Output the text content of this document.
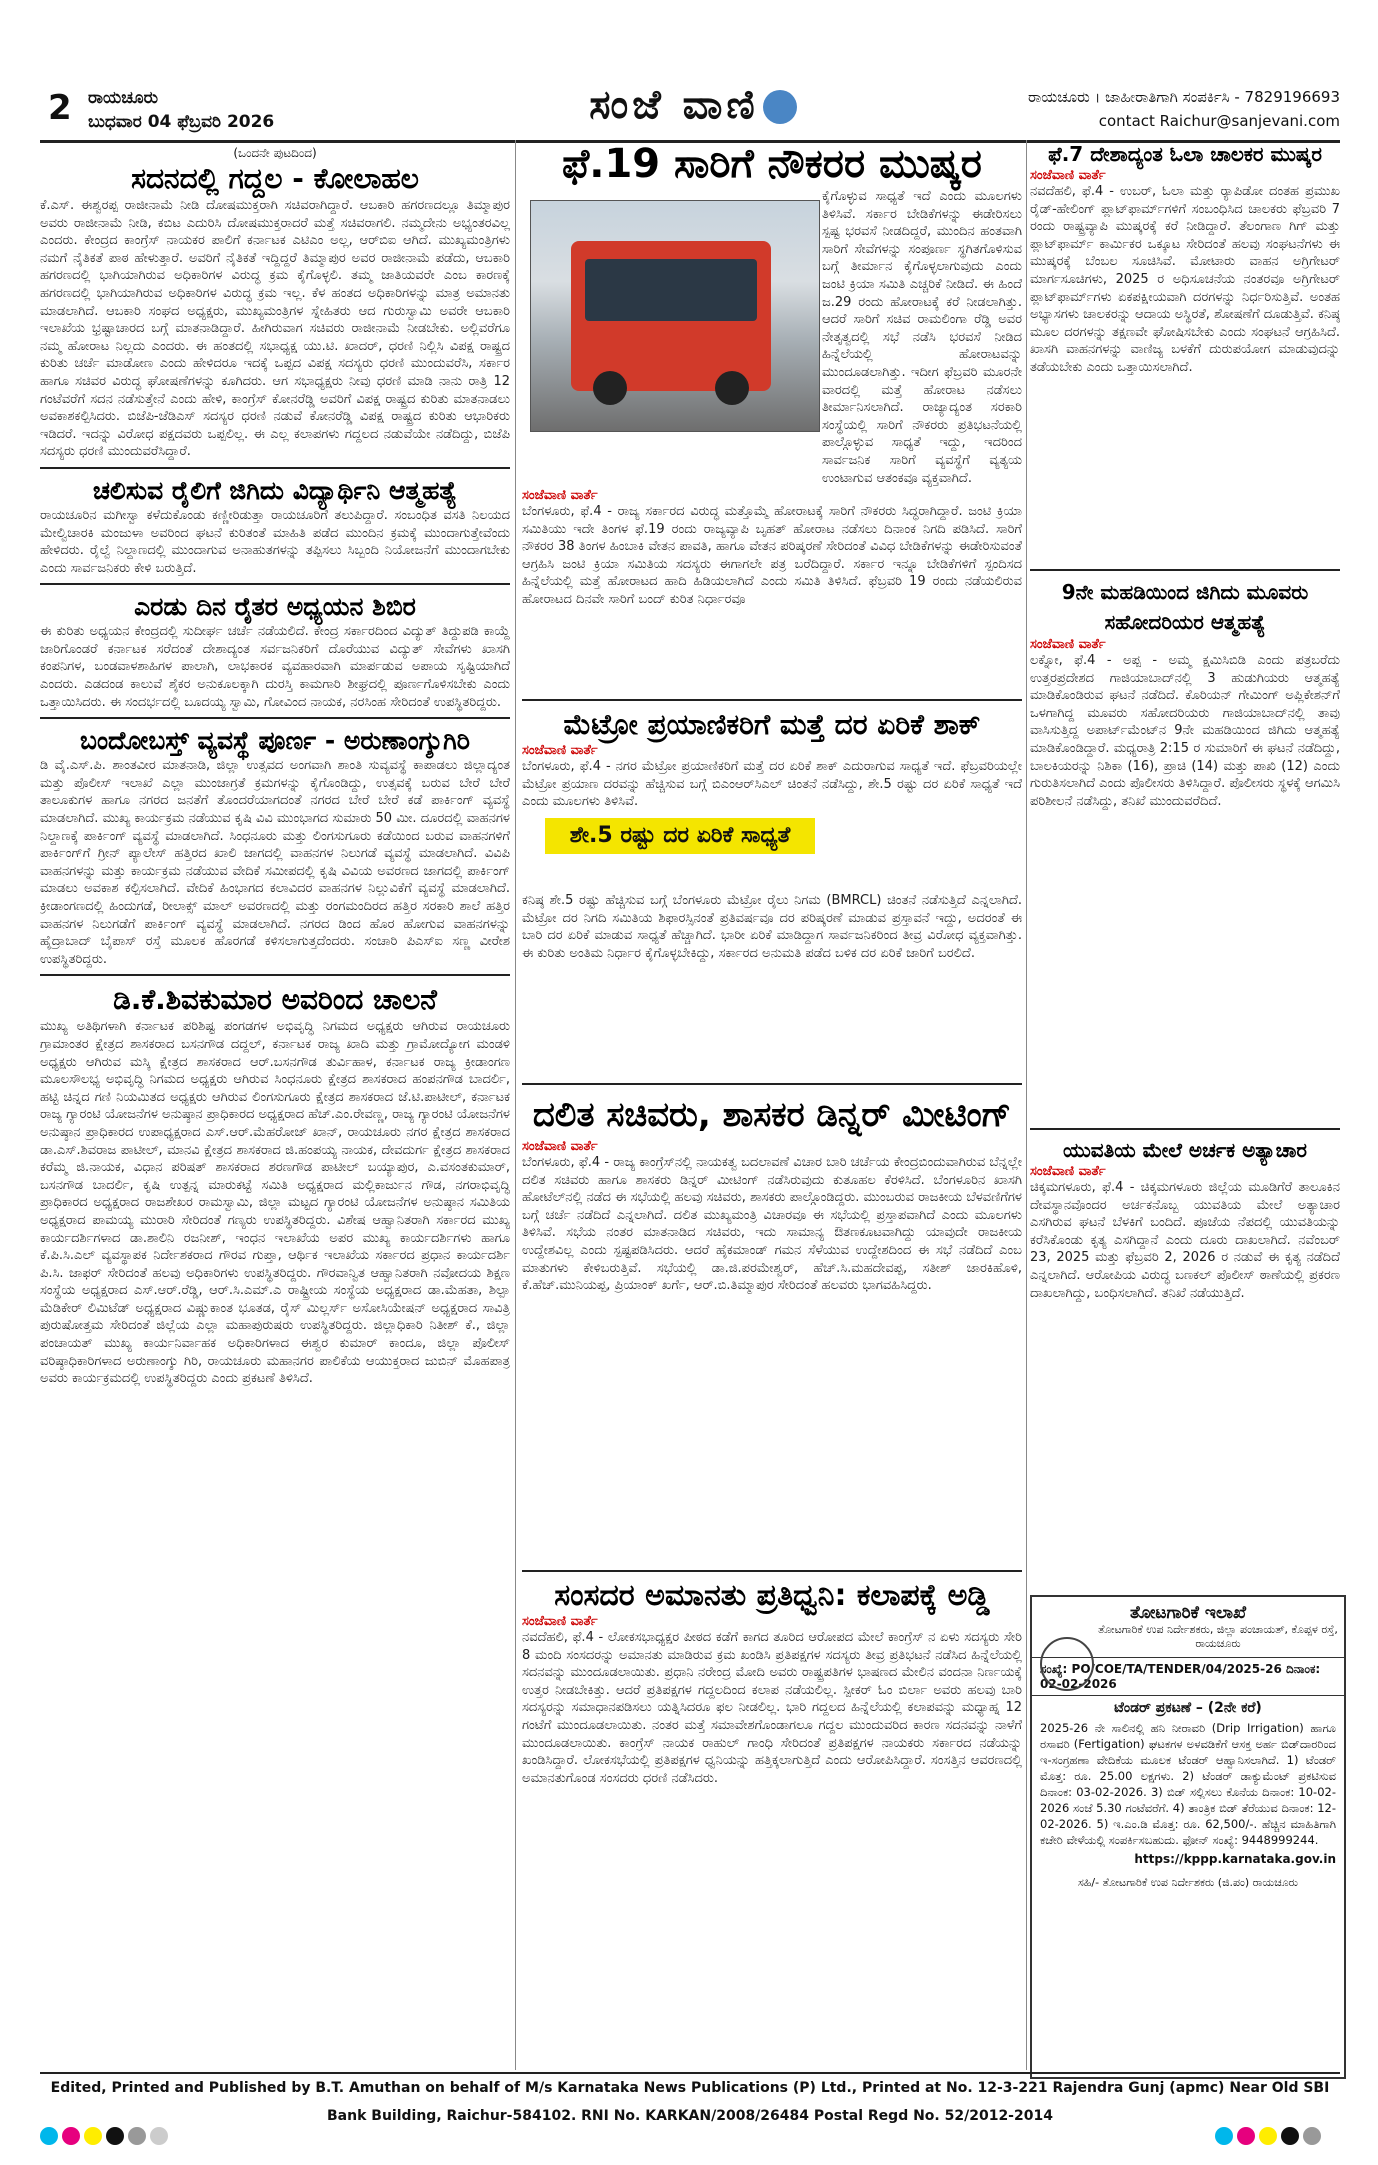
2 ರಾಯಚೂರು
ಬುಧವಾರ 04 ಫೆಬ್ರವರಿ 2026	ಸಂಜೆ ವಾಣಿ	ರಾಯಚೂರು । ಜಾಹೀರಾತಿಗಾಗಿ ಸಂಪರ್ಕಿಸಿ - 7829196693
contact Raichur@sanjevani.com
(ಒಂದನೇ ಪುಟದಿಂದ)
ಸದನದಲ್ಲಿ ಗದ್ದಲ - ಕೋಲಾಹಲ

ಕೆ.ಎಸ್. ಈಶ್ವರಪ್ಪ ರಾಜೀನಾಮೆ ನೀಡಿ ದೋಷಮುಕ್ತರಾಗಿ ಸಚಿವರಾಗಿದ್ದಾರೆ. ಆಬಕಾರಿ ಹಗರಣದಲ್ಲೂ ತಿಮ್ಮಾಪುರ ಅವರು ರಾಜೀನಾಮೆ ನೀಡಿ, ಕಬಿಟ ಎದುರಿಸಿ ದೋಷಮುಕ್ತರಾದರೆ ಮತ್ತೆ ಸಚಿವರಾಗಲಿ. ನಮ್ಮದೇನು ಅಭ್ಯಂತರವಿಲ್ಲ ಎಂದರು. ಕೇಂದ್ರದ ಕಾಂಗ್ರೆಸ್ ನಾಯಕರ ಪಾಲಿಗೆ ಕರ್ನಾಟಕ ಎಟಿಎಂ ಅಲ್ಲ, ಆರ್‌ಬಿಐ ಆಗಿದೆ. ಮುಖ್ಯಮಂತ್ರಿಗಳು ನಮಗೆ ನೈತಿಕತೆ ಪಾಠ ಹೇಳುತ್ತಾರೆ. ಅವರಿಗೆ ನೈತಿಕತೆ ಇದ್ದಿದ್ದರೆ ತಿಮ್ಮಾಪುರ ಅವರ ರಾಜೀನಾಮೆ ಪಡೆದು, ಆಬಕಾರಿ ಹಗರಣದಲ್ಲಿ ಭಾಗಿಯಾಗಿರುವ ಅಧಿಕಾರಿಗಳ ವಿರುದ್ಧ ಕ್ರಮ ಕೈಗೊಳ್ಳಲಿ. ತಮ್ಮ ಜಾತಿಯವರೇ ಎಂಬ ಕಾರಣಕ್ಕೆ ಹಗರಣದಲ್ಲಿ ಭಾಗಿಯಾಗಿರುವ ಅಧಿಕಾರಿಗಳ ವಿರುದ್ಧ ಕ್ರಮ ಇಲ್ಲ. ಕೆಳ ಹಂತದ ಅಧಿಕಾರಿಗಳನ್ನು ಮಾತ್ರ ಅಮಾನತು ಮಾಡಲಾಗಿದೆ. ಆಬಕಾರಿ ಸಂಘದ ಅಧ್ಯಕ್ಷರು, ಮುಖ್ಯಮಂತ್ರಿಗಳ ಸ್ನೇಹಿತರು ಆದ ಗುರುಸ್ವಾಮಿ ಅವರೇ ಆಬಕಾರಿ ಇಲಾಖೆಯ ಭ್ರಷ್ಟಾಚಾರದ ಬಗ್ಗೆ ಮಾತನಾಡಿದ್ದಾರೆ. ಹೀಗಿರುವಾಗ ಸಚಿವರು ರಾಜೀನಾಮೆ ನೀಡಬೇಕು. ಅಲ್ಲಿವರೆಗೂ ನಮ್ಮ ಹೋರಾಟ ನಿಲ್ಲದು ಎಂದರು. ಈ ಹಂತದಲ್ಲಿ ಸಭಾಧ್ಯಕ್ಷ ಯು.ಟಿ. ಖಾದರ್, ಧರಣಿ ನಿಲ್ಲಿಸಿ ವಿಪಕ್ಷ ರಾಷ್ಟ್ರದ ಕುರಿತು ಚರ್ಚೆ ಮಾಡೋಣ ಎಂದು ಹೇಳಿದರೂ ಇದಕ್ಕೆ ಒಪ್ಪದ ವಿಪಕ್ಷ ಸದಸ್ಯರು ಧರಣಿ ಮುಂದುವರೆಸಿ, ಸರ್ಕಾರ ಹಾಗೂ ಸಚಿವರ ವಿರುದ್ಧ ಘೋಷಣೆಗಳನ್ನು ಕೂಗಿದರು. ಆಗ ಸಭಾಧ್ಯಕ್ಷರು ನೀವು ಧರಣಿ ಮಾಡಿ ನಾನು ರಾತ್ರಿ 12 ಗಂಟೆವರೆಗೆ ಸದನ ನಡೆಸುತ್ತೇನೆ ಎಂದು ಹೇಳಿ, ಕಾಂಗ್ರೆಸ್ ಕೋನರೆಡ್ಡಿ ಅವರಿಗೆ ವಿಪಕ್ಷ ರಾಷ್ಟ್ರದ ಕುರಿತು ಮಾತನಾಡಲು ಅವಕಾಶಕಲ್ಪಿಸಿದರು. ಬಿಜೆಪಿ-ಜೆಡಿಎಸ್ ಸದಸ್ಯರ ಧರಣಿ ನಡುವೆ ಕೋನರೆಡ್ಡಿ ವಿಪಕ್ಷ ರಾಷ್ಟ್ರದ ಕುರಿತು ಆಭಾರಿಕರು ಇಡಿದರೆ. ಇದನ್ನು ವಿರೋಧ ಪಕ್ಷದವರು ಒಪ್ಪಲಿಲ್ಲ. ಈ ಎಲ್ಲ ಕಲಾಪಗಳು ಗದ್ದಲದ ನಡುವೆಯೇ ನಡೆದಿದ್ದು, ಬಿಜೆಪಿ ಸದಸ್ಯರು ಧರಣಿ ಮುಂದುವರೆಸಿದ್ದಾರೆ.

ಚಲಿಸುವ ರೈಲಿಗೆ ಜಿಗಿದು ವಿದ್ಯಾರ್ಥಿನಿ ಆತ್ಮಹತ್ಯೆ

ರಾಯಚೂರಿನ ಮಗೀಸ್ವಾ ಕಳೆದುಕೊಂಡು ಕಣ್ಣೀರಿಡುತ್ತಾ ರಾಯಚೂರಿಗೆ ತಲುಪಿದ್ದಾರೆ. ಸಂಬಂಧಿತ ವಸತಿ ನಿಲಯದ ಮೇಲ್ವಿಚಾರಕಿ ಮಂಜುಳಾ ಅವರಿಂದ ಘಟನೆ ಕುರಿತಂತೆ ಮಾಹಿತಿ ಪಡೆದ ಮುಂದಿನ ಕ್ರಮಕ್ಕೆ ಮುಂದಾಗುತ್ತೇವೆಂದು ಹೇಳಿದರು. ರೈಲ್ವೆ ನಿಲ್ದಾಣದಲ್ಲಿ ಮುಂದಾಗುವ ಅನಾಹುತಗಳನ್ನು ತಪ್ಪಿಸಲು ಸಿಬ್ಬಂದಿ ನಿಯೋಜನೆಗೆ ಮುಂದಾಗಬೇಕು ಎಂದು ಸಾರ್ವಜನಿಕರು ಕೇಳಿ ಬರುತ್ತಿದೆ.

ಎರಡು ದಿನ ರೈತರ ಅಧ್ಯಯನ ಶಿಬಿರ

ಈ ಕುರಿತು ಅಧ್ಯಯನ ಕೇಂದ್ರದಲ್ಲಿ ಸುದೀರ್ಘ ಚರ್ಚೆ ನಡೆಯಲಿದೆ. ಕೇಂದ್ರ ಸರ್ಕಾರದಿಂದ ವಿದ್ಯುತ್ ತಿದ್ದುಪಡಿ ಕಾಯ್ದೆ ಜಾರಿಗೊಂಡರೆ ಕರ್ನಾಟಕ ಸರೆದಂತೆ ದೇಶಾದ್ಯಂತ ಸರ್ವಜನಿಕರಿಗೆ ದೊರೆಯುವ ವಿದ್ಯುತ್ ಸೇವೆಗಳು ಖಾಸಗಿ ಕಂಪನಿಗಳ, ಬಂಡವಾಳಶಾಹಿಗಳ ಪಾಲಾಗಿ, ಲಾಭಕಾರಕ ವ್ಯವಹಾರವಾಗಿ ಮಾರ್ಪಡುವ ಅಪಾಯ ಸೃಷ್ಟಿಯಾಗಿದೆ ಎಂದರು. ಎಡದಂಡ ಕಾಲುವೆ ಶೈಕರ ಅನುಕೂಲಕ್ಕಾಗಿ ದುರಸ್ತಿ ಕಾಮಗಾರಿ ಶೀಘ್ರದಲ್ಲಿ ಪೂರ್ಣಗೊಳಿಸಬೇಕು ಎಂದು ಒತ್ತಾಯಿಸಿದರು. ಈ ಸಂದರ್ಭದಲ್ಲಿ ಬೂದಯ್ಯ ಸ್ವಾಮಿ, ಗೋವಿಂದ ನಾಯಕ, ನರಸಿಂಹ ಸೇರಿದಂತೆ ಉಪಸ್ಥಿತರಿದ್ದರು.

ಬಂದೋಬಸ್ತ್ ವ್ಯವಸ್ಥೆ ಪೂರ್ಣ - ಅರುಣಾಂಗ್ಶುಗಿರಿ

ಡಿ ವೈ.ಎಸ್.ಪಿ. ಶಾಂತವೀರ ಮಾತನಾಡಿ, ಜಿಲ್ಲಾ ಉತ್ಸವದ ಅಂಗವಾಗಿ ಶಾಂತಿ ಸುವ್ಯವಸ್ಥೆ ಕಾಪಾಡಲು ಜಿಲ್ಲಾದ್ಯಂತ ಮತ್ತು ಪೊಲೀಸ್ ಇಲಾಖೆ ಎಲ್ಲಾ ಮುಂಜಾಗ್ರತೆ ಕ್ರಮಗಳನ್ನು ಕೈಗೊಂಡಿದ್ದು, ಉತ್ಸವಕ್ಕೆ ಬರುವ ಬೇರೆ ಬೇರೆ ತಾಲೂಕುಗಳ ಹಾಗೂ ನಗರದ ಜನತೆಗೆ ತೊಂದರೆಯಾಗದಂತೆ ನಗರದ ಬೇರೆ ಬೇರೆ ಕಡೆ ಪಾರ್ಕಿಂಗ್ ವ್ಯವಸ್ಥೆ ಮಾಡಲಾಗಿದೆ. ಮುಖ್ಯ ಕಾರ್ಯಕ್ರಮ ನಡೆಯುವ ಕೃಷಿ ವಿವಿ ಮುಂಭಾಗದ ಸುಮಾರು 50 ಮೀ. ದೂರದಲ್ಲಿ ವಾಹನಗಳ ನಿಲ್ದಾಣಕ್ಕೆ ಪಾರ್ಕಿಂಗ್ ವ್ಯವಸ್ಥೆ ಮಾಡಲಾಗಿದೆ. ಸಿಂಧನೂರು ಮತ್ತು ಲಿಂಗಸುಗೂರು ಕಡೆಯಿಂದ ಬರುವ ವಾಹನಗಳಿಗೆ ಪಾರ್ಕಿಂಗ್‌ಗೆ ಗ್ರೀನ್ ಪ್ಯಾಲೇಸ್ ಹತ್ತಿರದ ಖಾಲಿ ಜಾಗದಲ್ಲಿ ವಾಹನಗಳ ನಿಲುಗಡೆ ವ್ಯವಸ್ಥೆ ಮಾಡಲಾಗಿದೆ. ವಿವಿಪಿ ವಾಹನಗಳನ್ನು ಮತ್ತು ಕಾರ್ಯಕ್ರಮ ನಡೆಯುವ ವೇದಿಕೆ ಸಮೀಪದಲ್ಲಿ ಕೃಷಿ ವಿವಿಯ ಅವರಣದ ಜಾಗದಲ್ಲಿ ಪಾರ್ಕಿಂಗ್ ಮಾಡಲು ಅವಕಾಶ ಕಲ್ಪಿಸಲಾಗಿದೆ. ವೇದಿಕೆ ಹಿಂಭಾಗದ ಕಲಾವಿದರ ವಾಹನಗಳ ನಿಲ್ಲುವಿಕೆಗೆ ವ್ಯವಸ್ಥೆ ಮಾಡಲಾಗಿದೆ. ಕ್ರೀಡಾಂಗಣದಲ್ಲಿ ಹಿಂದುಗಡೆ, ರೀಲಾಕ್ಸ್ ಮಾಲ್ ಅವರಣದಲ್ಲಿ ಮತ್ತು ರಂಗಮಂದಿರದ ಹತ್ತಿರ ಸರಕಾರಿ ಶಾಲೆ ಹತ್ತಿರ ವಾಹನಗಳ ನಿಲುಗಡೆಗೆ ಪಾರ್ಕಿಂಗ್ ವ್ಯವಸ್ಥೆ ಮಾಡಲಾಗಿದೆ. ನಗರದ ಡಿಂದ ಹೊರ ಹೋಗುವ ವಾಹನಗಳನ್ನು ಹೈದ್ರಾಬಾದ್ ಬೈಪಾಸ್ ರಸ್ತೆ ಮೂಲಕ ಹೊರಗಡೆ ಕಳಿಸಲಾಗುತ್ತದೆಂದರು. ಸಂಚಾರಿ ಪಿಎಸ್‌ಐ ಸಣ್ಣ ವೀರೇಶ ಉಪಸ್ಥಿತರಿದ್ದರು.

ಡಿ.ಕೆ.ಶಿವಕುಮಾರ ಅವರಿಂದ ಚಾಲನೆ

ಮುಖ್ಯ ಅತಿಥಿಗಳಾಗಿ ಕರ್ನಾಟಕ ಪರಿಶಿಷ್ಟ ಪಂಗಡಗಳ ಅಭಿವೃದ್ಧಿ ನಿಗಮದ ಅಧ್ಯಕ್ಷರು ಆಗಿರುವ ರಾಯಚೂರು ಗ್ರಾಮಾಂತರ ಕ್ಷೇತ್ರದ ಶಾಸಕರಾದ ಬಸನಗೌಡ ದದ್ದಲ್, ಕರ್ನಾಟಕ ರಾಜ್ಯ ಖಾದಿ ಮತ್ತು ಗ್ರಾಮೋದ್ಯೋಗ ಮಂಡಳಿ ಅಧ್ಯಕ್ಷರು ಆಗಿರುವ ಮಸ್ಕಿ ಕ್ಷೇತ್ರದ ಶಾಸಕರಾದ ಆರ್.ಬಸನಗೌಡ ತುರ್ವಿಹಾಳ, ಕರ್ನಾಟಕ ರಾಜ್ಯ ಕ್ರೀಡಾಂಗಣ ಮೂಲಸೌಲಭ್ಯ ಅಭಿವೃದ್ಧಿ ನಿಗಮದ ಅಧ್ಯಕ್ಷರು ಆಗಿರುವ ಸಿಂಧನೂರು ಕ್ಷೇತ್ರದ ಶಾಸಕರಾದ ಹಂಪನಗೌಡ ಬಾದರ್ಲಿ, ಹಟ್ಟಿ ಚಿನ್ನದ ಗಣಿ ನಿಯಮಿತದ ಅಧ್ಯಕ್ಷರು ಆಗಿರುವ ಲಿಂಗಸುಗೂರು ಕ್ಷೇತ್ರದ ಶಾಸಕರಾದ ಜೆ.ಟಿ.ಪಾಟೀಲ್, ಕರ್ನಾಟಕ ರಾಜ್ಯ ಗ್ಯಾರಂಟಿ ಯೋಜನೆಗಳ ಅನುಷ್ಠಾನ ಪ್ರಾಧಿಕಾರದ ಅಧ್ಯಕ್ಷರಾದ ಹೆಚ್.ಎಂ.ರೇವಣ್ಣ, ರಾಜ್ಯ ಗ್ಯಾರಂಟಿ ಯೋಜನೆಗಳ ಅನುಷ್ಠಾನ ಪ್ರಾಧಿಕಾರದ ಉಪಾಧ್ಯಕ್ಷರಾದ ಎಸ್.ಆರ್.ಮೆಹರೋಜ್ ಖಾನ್, ರಾಯಚೂರು ನಗರ ಕ್ಷೇತ್ರದ ಶಾಸಕರಾದ ಡಾ.ಎಸ್.ಶಿವರಾಜ ಪಾಟೀಲ್, ಮಾನವಿ ಕ್ಷೇತ್ರದ ಶಾಸಕರಾದ ಜಿ.ಹಂಪಯ್ಯ ನಾಯಕ, ದೇವದುರ್ಗ ಕ್ಷೇತ್ರದ ಶಾಸಕರಾದ ಕರೆಮ್ಮ ಜಿ.ನಾಯಕ, ವಿಧಾನ ಪರಿಷತ್ ಶಾಸಕರಾದ ಶರಣಗೌಡ ಪಾಟೀಲ್ ಬಯ್ಯಾಪುರ, ಎ.ವಸಂತಕುಮಾರ್, ಬಸನಗೌಡ ಬಾದರ್ಲಿ, ಕೃಷಿ ಉತ್ಪನ್ನ ಮಾರುಕಟ್ಟೆ ಸಮಿತಿ ಅಧ್ಯಕ್ಷರಾದ ಮಲ್ಲಿಕಾರ್ಜುನ ಗೌಡ, ನಗರಾಭಿವೃದ್ಧಿ ಪ್ರಾಧಿಕಾರದ ಅಧ್ಯಕ್ಷರಾದ ರಾಜಶೇಖರ ರಾಮಸ್ವಾಮಿ, ಜಿಲ್ಲಾ ಮಟ್ಟದ ಗ್ಯಾರಂಟಿ ಯೋಜನೆಗಳ ಅನುಷ್ಠಾನ ಸಮಿತಿಯ ಅಧ್ಯಕ್ಷರಾದ ಪಾಮಯ್ಯ ಮುರಾರಿ ಸೇರಿದಂತೆ ಗಣ್ಯರು ಉಪಸ್ಥಿತರಿದ್ದರು. ವಿಶೇಷ ಆಹ್ವಾನಿತರಾಗಿ ಸರ್ಕಾರದ ಮುಖ್ಯ ಕಾರ್ಯದರ್ಶಿಗಳಾದ ಡಾ.ಶಾಲಿನಿ ರಜನೀಶ್, ಇಂಧನ ಇಲಾಖೆಯ ಅಪರ ಮುಖ್ಯ ಕಾರ್ಯದರ್ಶಿಗಳು ಹಾಗೂ ಕೆ.ಪಿ.ಸಿ.ಎಲ್ ವ್ಯವಸ್ಥಾಪಕ ನಿರ್ದೇಶಕರಾದ ಗೌರವ ಗುಪ್ತಾ, ಆರ್ಥಿಕ ಇಲಾಖೆಯ ಸರ್ಕಾರದ ಪ್ರಧಾನ ಕಾರ್ಯದರ್ಶಿ ಪಿ.ಸಿ. ಜಾಫರ್ ಸೇರಿದಂತೆ ಹಲವು ಅಧಿಕಾರಿಗಳು ಉಪಸ್ಥಿತರಿದ್ದರು. ಗೌರವಾನ್ವಿತ ಆಹ್ವಾನಿತರಾಗಿ ನವೋದಯ ಶಿಕ್ಷಣ ಸಂಸ್ಥೆಯ ಅಧ್ಯಕ್ಷರಾದ ಎಸ್.ಆರ್.ರೆಡ್ಡಿ, ಆರ್.ಸಿ.ಎಮ್.ಎ ರಾಷ್ಟ್ರೀಯ ಸಂಸ್ಥೆಯ ಅಧ್ಯಕ್ಷರಾದ ಡಾ.ಮೆಹತಾ, ಶಿಲ್ಪಾ ಮೆಡಿಕೇರ್ ಲಿಮಿಟೆಡ್ ಅಧ್ಯಕ್ಷರಾದ ವಿಷ್ಣುಕಾಂತ ಭೂತಡ, ರೈಸ್ ಮಿಲ್ಲರ್ಸ್ ಅಸೋಸಿಯೇಷನ್ ಅಧ್ಯಕ್ಷರಾದ ಸಾವಿತ್ರಿ ಪುರುಷೋತ್ತಮ ಸೇರಿದಂತೆ ಜಿಲ್ಲೆಯ ಎಲ್ಲಾ ಮಹಾಪುರುಷರು ಉಪಸ್ಥಿತರಿದ್ದರು. ಜಿಲ್ಲಾಧಿಕಾರಿ ನಿತೀಶ್ ಕೆ., ಜಿಲ್ಲಾ ಪಂಚಾಯತ್ ಮುಖ್ಯ ಕಾರ್ಯನಿರ್ವಾಹಕ ಅಧಿಕಾರಿಗಳಾದ ಈಶ್ವರ ಕುಮಾರ್ ಕಾಂದೂ, ಜಿಲ್ಲಾ ಪೊಲೀಸ್ ವರಿಷ್ಠಾಧಿಕಾರಿಗಳಾದ ಅರುಣಾಂಗ್ಶು ಗಿರಿ, ರಾಯಚೂರು ಮಹಾನಗರ ಪಾಲಿಕೆಯ ಆಯುಕ್ತರಾದ ಜುಬಿನ್ ಮೊಹಪಾತ್ರ ಅವರು ಕಾರ್ಯಕ್ರಮದಲ್ಲಿ ಉಪಸ್ಥಿತರಿದ್ದರು ಎಂದು ಪ್ರಕಟಣೆ ತಿಳಿಸಿದೆ.

ಫೆ.19 ಸಾರಿಗೆ ನೌಕರರ ಮುಷ್ಕರ

ಕೈಗೊಳ್ಳುವ ಸಾಧ್ಯತೆ ಇದೆ ಎಂದು ಮೂಲಗಳು ತಿಳಿಸಿವೆ. ಸರ್ಕಾರ ಬೇಡಿಕೆಗಳನ್ನು ಈಡೇರಿಸಲು ಸ್ಪಷ್ಟ ಭರವಸೆ ನೀಡದಿದ್ದರೆ, ಮುಂದಿನ ಹಂತವಾಗಿ ಸಾರಿಗೆ ಸೇವೆಗಳನ್ನು ಸಂಪೂರ್ಣ ಸ್ಥಗಿತಗೊಳಿಸುವ ಬಗ್ಗೆ ತೀರ್ಮಾನ ಕೈಗೊಳ್ಳಲಾಗುವುದು ಎಂದು ಜಂಟಿ ಕ್ರಿಯಾ ಸಮಿತಿ ಎಚ್ಚರಿಕೆ ನೀಡಿದೆ. ಈ ಹಿಂದೆ ಜ.29 ರಂದು ಹೋರಾಟಕ್ಕೆ ಕರೆ ನೀಡಲಾಗಿತ್ತು. ಆದರೆ ಸಾರಿಗೆ ಸಚಿವ ರಾಮಲಿಂಗಾ ರೆಡ್ಡಿ ಅವರ ನೇತೃತ್ವದಲ್ಲಿ ಸಭೆ ನಡೆಸಿ ಭರವಸೆ ನೀಡಿದ ಹಿನ್ನೆಲೆಯಲ್ಲಿ ಹೋರಾಟವನ್ನು ಮುಂದೂಡಲಾಗಿತ್ತು. ಇದೀಗ ಫೆಬ್ರವರಿ ಮೂರನೇ ವಾರದಲ್ಲಿ ಮತ್ತೆ ಹೋರಾಟ ನಡೆಸಲು ತೀರ್ಮಾನಿಸಲಾಗಿದೆ. ರಾಜ್ಯಾದ್ಯಂತ ಸರಕಾರಿ ಸಂಸ್ಥೆಯಲ್ಲಿ ಸಾರಿಗೆ ನೌಕರರು ಪ್ರತಿಭಟನೆಯಲ್ಲಿ ಪಾಲ್ಗೊಳ್ಳುವ ಸಾಧ್ಯತೆ ಇದ್ದು, ಇದರಿಂದ ಸಾರ್ವಜನಿಕ ಸಾರಿಗೆ ವ್ಯವಸ್ಥೆಗೆ ವ್ಯತ್ಯಯ ಉಂಟಾಗುವ ಆತಂಕವೂ ವ್ಯಕ್ತವಾಗಿದೆ.

ಸಂಜೆವಾಣಿ ವಾರ್ತೆ

ಬೆಂಗಳೂರು, ಫೆ.4 - ರಾಜ್ಯ ಸರ್ಕಾರದ ವಿರುದ್ಧ ಮತ್ತೊಮ್ಮೆ ಹೋರಾಟಕ್ಕೆ ಸಾರಿಗೆ ನೌಕರರು ಸಿದ್ಧರಾಗಿದ್ದಾರೆ. ಜಂಟಿ ಕ್ರಿಯಾ ಸಮಿತಿಯು ಇದೇ ತಿಂಗಳ ಫೆ.19 ರಂದು ರಾಜ್ಯವ್ಯಾಪಿ ಬೃಹತ್ ಹೋರಾಟ ನಡೆಸಲು ದಿನಾಂಕ ನಿಗದಿ ಪಡಿಸಿದೆ. ಸಾರಿಗೆ ನೌಕರರ 38 ತಿಂಗಳ ಹಿಂಬಾಕಿ ವೇತನ ಪಾವತಿ, ಹಾಗೂ ವೇತನ ಪರಿಷ್ಕರಣೆ ಸೇರಿದಂತೆ ವಿವಿಧ ಬೇಡಿಕೆಗಳನ್ನು ಈಡೇರಿಸುವಂತೆ ಆಗ್ರಹಿಸಿ ಜಂಟಿ ಕ್ರಿಯಾ ಸಮಿತಿಯ ಸದಸ್ಯರು ಈಗಾಗಲೇ ಪತ್ರ ಬರೆದಿದ್ದಾರೆ. ಸರ್ಕಾರ ಇನ್ನೂ ಬೇಡಿಕೆಗಳಿಗೆ ಸ್ಪಂದಿಸದ ಹಿನ್ನೆಲೆಯಲ್ಲಿ ಮತ್ತೆ ಹೋರಾಟದ ಹಾದಿ ಹಿಡಿಯಲಾಗಿದೆ ಎಂದು ಸಮಿತಿ ತಿಳಿಸಿದೆ. ಫೆಬ್ರವರಿ 19 ರಂದು ನಡೆಯಲಿರುವ ಹೋರಾಟದ ದಿನವೇ ಸಾರಿಗೆ ಬಂದ್ ಕುರಿತ ನಿರ್ಧಾರವೂ

ಮೆಟ್ರೋ ಪ್ರಯಾಣಿಕರಿಗೆ ಮತ್ತೆ ದರ ಏರಿಕೆ ಶಾಕ್
ಸಂಜೆವಾಣಿ ವಾರ್ತೆ

ಬೆಂಗಳೂರು, ಫೆ.4 - ನಗರ ಮೆಟ್ರೋ ಪ್ರಯಾಣಿಕರಿಗೆ ಮತ್ತೆ ದರ ಏರಿಕೆ ಶಾಕ್ ಎದುರಾಗುವ ಸಾಧ್ಯತೆ ಇದೆ. ಫೆಬ್ರವರಿಯಲ್ಲೇ ಮೆಟ್ರೋ ಪ್ರಯಾಣ ದರವನ್ನು ಹೆಚ್ಚಿಸುವ ಬಗ್ಗೆ ಬಿಎಂಆರ್‌ಸಿಎಲ್ ಚಿಂತನೆ ನಡೆಸಿದ್ದು, ಶೇ.5 ರಷ್ಟು ದರ ಏರಿಕೆ ಸಾಧ್ಯತೆ ಇದೆ ಎಂದು ಮೂಲಗಳು ತಿಳಿಸಿವೆ.

ಕನಿಷ್ಠ ಶೇ.5 ರಷ್ಟು ಹೆಚ್ಚಿಸುವ ಬಗ್ಗೆ ಬೆಂಗಳೂರು ಮೆಟ್ರೋ ರೈಲು ನಿಗಮ (BMRCL) ಚಿಂತನೆ ನಡೆಸುತ್ತಿದೆ ಎನ್ನಲಾಗಿದೆ. ಮೆಟ್ರೋ ದರ ನಿಗದಿ ಸಮಿತಿಯ ಶಿಫಾರಸ್ಸಿನಂತೆ ಪ್ರತಿವರ್ಷವೂ ದರ ಪರಿಷ್ಕರಣೆ ಮಾಡುವ ಪ್ರಸ್ತಾವನೆ ಇದ್ದು, ಅದರಂತೆ ಈ ಬಾರಿ ದರ ಏರಿಕೆ ಮಾಡುವ ಸಾಧ್ಯತೆ ಹೆಚ್ಚಾಗಿದೆ. ಭಾರೀ ಏರಿಕೆ ಮಾಡಿದ್ದಾಗ ಸಾರ್ವಜನಿಕರಿಂದ ತೀವ್ರ ವಿರೋಧ ವ್ಯಕ್ತವಾಗಿತ್ತು. ಈ ಕುರಿತು ಅಂತಿಮ ನಿರ್ಧಾರ ಕೈಗೊಳ್ಳಬೇಕಿದ್ದು, ಸರ್ಕಾರದ ಅನುಮತಿ ಪಡೆದ ಬಳಿಕ ದರ ಏರಿಕೆ ಜಾರಿಗೆ ಬರಲಿದೆ.

ದಲಿತ ಸಚಿವರು, ಶಾಸಕರ ಡಿನ್ನರ್ ಮೀಟಿಂಗ್
ಸಂಜೆವಾಣಿ ವಾರ್ತೆ

ಬೆಂಗಳೂರು, ಫೆ.4 - ರಾಜ್ಯ ಕಾಂಗ್ರೆಸ್‌ನಲ್ಲಿ ನಾಯಕತ್ವ ಬದಲಾವಣೆ ವಿಚಾರ ಬಾರಿ ಚರ್ಚೆಯ ಕೇಂದ್ರಬಿಂದುವಾಗಿರುವ ಬೆನ್ನಲ್ಲೇ ದಲಿತ ಸಚಿವರು ಹಾಗೂ ಶಾಸಕರು ಡಿನ್ನರ್ ಮೀಟಿಂಗ್ ನಡೆಸಿರುವುದು ಕುತೂಹಲ ಕೆರಳಿಸಿದೆ. ಬೆಂಗಳೂರಿನ ಖಾಸಗಿ ಹೋಟೆಲ್‌ನಲ್ಲಿ ನಡೆದ ಈ ಸಭೆಯಲ್ಲಿ ಹಲವು ಸಚಿವರು, ಶಾಸಕರು ಪಾಲ್ಗೊಂಡಿದ್ದರು. ಮುಂಬರುವ ರಾಜಕೀಯ ಬೆಳವಣಿಗೆಗಳ ಬಗ್ಗೆ ಚರ್ಚೆ ನಡೆದಿದೆ ಎನ್ನಲಾಗಿದೆ. ದಲಿತ ಮುಖ್ಯಮಂತ್ರಿ ವಿಚಾರವೂ ಈ ಸಭೆಯಲ್ಲಿ ಪ್ರಸ್ತಾಪವಾಗಿದೆ ಎಂದು ಮೂಲಗಳು ತಿಳಿಸಿವೆ. ಸಭೆಯ ನಂತರ ಮಾತನಾಡಿದ ಸಚಿವರು, ಇದು ಸಾಮಾನ್ಯ ಔತಣಕೂಟವಾಗಿದ್ದು ಯಾವುದೇ ರಾಜಕೀಯ ಉದ್ದೇಶವಿಲ್ಲ ಎಂದು ಸ್ಪಷ್ಟಪಡಿಸಿದರು. ಆದರೆ ಹೈಕಮಾಂಡ್ ಗಮನ ಸೆಳೆಯುವ ಉದ್ದೇಶದಿಂದ ಈ ಸಭೆ ನಡೆದಿದೆ ಎಂಬ ಮಾತುಗಳು ಕೇಳಿಬರುತ್ತಿವೆ. ಸಭೆಯಲ್ಲಿ ಡಾ.ಜಿ.ಪರಮೇಶ್ವರ್, ಹೆಚ್.ಸಿ.ಮಹದೇವಪ್ಪ, ಸತೀಶ್ ಜಾರಕಿಹೊಳಿ, ಕೆ.ಹೆಚ್.ಮುನಿಯಪ್ಪ, ಪ್ರಿಯಾಂಕ್ ಖರ್ಗೆ, ಆರ್.ಬಿ.ತಿಮ್ಮಾಪುರ ಸೇರಿದಂತೆ ಹಲವರು ಭಾಗವಹಿಸಿದ್ದರು.

ಸಂಸದರ ಅಮಾನತು ಪ್ರತಿಧ್ವನಿ: ಕಲಾಪಕ್ಕೆ ಅಡ್ಡಿ
ಸಂಜೆವಾಣಿ ವಾರ್ತೆ

ನವದೆಹಲಿ, ಫೆ.4 - ಲೋಕಸಭಾಧ್ಯಕ್ಷರ ಪೀಠದ ಕಡೆಗೆ ಕಾಗದ ತೂರಿದ ಆರೋಪದ ಮೇಲೆ ಕಾಂಗ್ರೆಸ್ ನ ಏಳು ಸದಸ್ಯರು ಸೇರಿ 8 ಮಂದಿ ಸಂಸದರನ್ನು ಅಮಾನತು ಮಾಡಿರುವ ಕ್ರಮ ಖಂಡಿಸಿ ಪ್ರತಿಪಕ್ಷಗಳ ಸದಸ್ಯರು ತೀವ್ರ ಪ್ರತಿಭಟನೆ ನಡೆಸಿದ ಹಿನ್ನೆಲೆಯಲ್ಲಿ ಸದನವನ್ನು ಮುಂದೂಡಲಾಯಿತು. ಪ್ರಧಾನಿ ನರೇಂದ್ರ ಮೋದಿ ಅವರು ರಾಷ್ಟ್ರಪತಿಗಳ ಭಾಷಣದ ಮೇಲಿನ ವಂದನಾ ನಿರ್ಣಯಕ್ಕೆ ಉತ್ತರ ನೀಡಬೇಕಿತ್ತು. ಆದರೆ ಪ್ರತಿಪಕ್ಷಗಳ ಗದ್ದಲದಿಂದ ಕಲಾಪ ನಡೆಯಲಿಲ್ಲ. ಸ್ಪೀಕರ್ ಓಂ ಬಿರ್ಲಾ ಅವರು ಹಲವು ಬಾರಿ ಸದಸ್ಯರನ್ನು ಸಮಾಧಾನಪಡಿಸಲು ಯತ್ನಿಸಿದರೂ ಫಲ ನೀಡಲಿಲ್ಲ. ಭಾರಿ ಗದ್ದಲದ ಹಿನ್ನೆಲೆಯಲ್ಲಿ ಕಲಾಪವನ್ನು ಮಧ್ಯಾಹ್ನ 12 ಗಂಟೆಗೆ ಮುಂದೂಡಲಾಯಿತು. ನಂತರ ಮತ್ತೆ ಸಮಾವೇಶಗೊಂಡಾಗಲೂ ಗದ್ದಲ ಮುಂದುವರಿದ ಕಾರಣ ಸದನವನ್ನು ನಾಳೆಗೆ ಮುಂದೂಡಲಾಯಿತು. ಕಾಂಗ್ರೆಸ್ ನಾಯಕ ರಾಹುಲ್ ಗಾಂಧಿ ಸೇರಿದಂತೆ ಪ್ರತಿಪಕ್ಷಗಳ ನಾಯಕರು ಸರ್ಕಾರದ ನಡೆಯನ್ನು ಖಂಡಿಸಿದ್ದಾರೆ. ಲೋಕಸಭೆಯಲ್ಲಿ ಪ್ರತಿಪಕ್ಷಗಳ ಧ್ವನಿಯನ್ನು ಹತ್ತಿಕ್ಕಲಾಗುತ್ತಿದೆ ಎಂದು ಆರೋಪಿಸಿದ್ದಾರೆ. ಸಂಸತ್ತಿನ ಆವರಣದಲ್ಲಿ ಅಮಾನತುಗೊಂಡ ಸಂಸದರು ಧರಣಿ ನಡೆಸಿದರು.

ಶೇ.5 ರಷ್ಟು ದರ ಏರಿಕೆ ಸಾಧ್ಯತೆ
ಫೆ.7 ದೇಶಾದ್ಯಂತ ಓಲಾ ಚಾಲಕರ ಮುಷ್ಕರ
ಸಂಜೆವಾಣಿ ವಾರ್ತೆ

ನವದೆಹಲಿ, ಫೆ.4 - ಉಬರ್, ಓಲಾ ಮತ್ತು ರ‍್ಯಾಪಿಡೋ ದಂತಹ ಪ್ರಮುಖ ರೈಡ್-ಹೇಲಿಂಗ್ ಪ್ಲಾಟ್‌ಫಾರ್ಮ್‌ಗಳಿಗೆ ಸಂಬಂಧಿಸಿದ ಚಾಲಕರು ಫೆಬ್ರವರಿ 7 ರಂದು ರಾಷ್ಟ್ರವ್ಯಾಪಿ ಮುಷ್ಕರಕ್ಕೆ ಕರೆ ನೀಡಿದ್ದಾರೆ. ತೆಲಂಗಾಣ ಗಿಗ್ ಮತ್ತು ಪ್ಲಾಟ್‌ಫಾರ್ಮ್ ಕಾರ್ಮಿಕರ ಒಕ್ಕೂಟ ಸೇರಿದಂತೆ ಹಲವು ಸಂಘಟನೆಗಳು ಈ ಮುಷ್ಕರಕ್ಕೆ ಬೆಂಬಲ ಸೂಚಿಸಿವೆ. ಮೋಟಾರು ವಾಹನ ಅಗ್ರಿಗೇಟರ್ ಮಾರ್ಗಸೂಚಿಗಳು, 2025 ರ ಅಧಿಸೂಚನೆಯ ನಂತರವೂ ಅಗ್ರಿಗೇಟರ್ ಪ್ಲಾಟ್‌ಫಾರ್ಮ್‌ಗಳು ಏಕಪಕ್ಷೀಯವಾಗಿ ದರಗಳನ್ನು ನಿರ್ಧರಿಸುತ್ತಿವೆ. ಅಂತಹ ಅಭ್ಯಾಸಗಳು ಚಾಲಕರನ್ನು ಆದಾಯ ಅಸ್ಥಿರತೆ, ಶೋಷಣೆಗೆ ದೂಡುತ್ತಿವೆ. ಕನಿಷ್ಠ ಮೂಲ ದರಗಳನ್ನು ತಕ್ಷಣವೇ ಘೋಷಿಸಬೇಕು ಎಂದು ಸಂಘಟನೆ ಆಗ್ರಹಿಸಿದೆ. ಖಾಸಗಿ ವಾಹನಗಳನ್ನು ವಾಣಿಜ್ಯ ಬಳಕೆಗೆ ದುರುಪಯೋಗ ಮಾಡುವುದನ್ನು ತಡೆಯಬೇಕು ಎಂದು ಒತ್ತಾಯಿಸಲಾಗಿದೆ.

9ನೇ ಮಹಡಿಯಿಂದ ಜಿಗಿದು ಮೂವರು ಸಹೋದರಿಯರ ಆತ್ಮಹತ್ಯೆ
ಸಂಜೆವಾಣಿ ವಾರ್ತೆ

ಲಕ್ನೋ, ಫೆ.4 - ಅಪ್ಪ - ಅಮ್ಮ ಕ್ಷಮಿಸಿಬಿಡಿ ಎಂದು ಪತ್ರಬರೆದು ಉತ್ತರಪ್ರದೇಶದ ಗಾಜಿಯಾಬಾದ್‌ನಲ್ಲಿ 3 ಹುಡುಗಿಯರು ಆತ್ಮಹತ್ಯೆ ಮಾಡಿಕೊಂಡಿರುವ ಘಟನೆ ನಡೆದಿದೆ. ಕೊರಿಯನ್ ಗೇಮಿಂಗ್ ಅಪ್ಲಿಕೇಶನ್‌ಗೆ ಒಳಗಾಗಿದ್ದ ಮೂವರು ಸಹೋದರಿಯರು ಗಾಜಿಯಾಬಾದ್‌ನಲ್ಲಿ ತಾವು ವಾಸಿಸುತ್ತಿದ್ದ ಅಪಾರ್ಟ್‌ಮೆಂಟ್‌ನ 9ನೇ ಮಹಡಿಯಿಂದ ಜಿಗಿದು ಆತ್ಮಹತ್ಯೆ ಮಾಡಿಕೊಂಡಿದ್ದಾರೆ. ಮಧ್ಯರಾತ್ರಿ 2:15 ರ ಸುಮಾರಿಗೆ ಈ ಘಟನೆ ನಡೆದಿದ್ದು, ಬಾಲಕಿಯರನ್ನು ನಿಶಿಕಾ (16), ಪ್ರಾಚಿ (14) ಮತ್ತು ಪಾಖಿ (12) ಎಂದು ಗುರುತಿಸಲಾಗಿದೆ ಎಂದು ಪೊಲೀಸರು ತಿಳಿಸಿದ್ದಾರೆ. ಪೊಲೀಸರು ಸ್ಥಳಕ್ಕೆ ಆಗಮಿಸಿ ಪರಿಶೀಲನೆ ನಡೆಸಿದ್ದು, ತನಿಖೆ ಮುಂದುವರೆದಿದೆ.

ಯುವತಿಯ ಮೇಲೆ ಅರ್ಚಕ ಅತ್ಯಾಚಾರ
ಸಂಜೆವಾಣಿ ವಾರ್ತೆ

ಚಿಕ್ಕಮಗಳೂರು, ಫೆ.4 - ಚಿಕ್ಕಮಗಳೂರು ಜಿಲ್ಲೆಯ ಮೂಡಿಗೆರೆ ತಾಲೂಕಿನ ದೇವಸ್ಥಾನವೊಂದರ ಅರ್ಚಕನೊಬ್ಬ ಯುವತಿಯ ಮೇಲೆ ಅತ್ಯಾಚಾರ ಎಸಗಿರುವ ಘಟನೆ ಬೆಳಕಿಗೆ ಬಂದಿದೆ. ಪೂಜೆಯ ನೆಪದಲ್ಲಿ ಯುವತಿಯನ್ನು ಕರೆಸಿಕೊಂಡು ಕೃತ್ಯ ಎಸಗಿದ್ದಾನೆ ಎಂದು ದೂರು ದಾಖಲಾಗಿದೆ. ನವೆಂಬರ್ 23, 2025 ಮತ್ತು ಫೆಬ್ರವರಿ 2, 2026 ರ ನಡುವೆ ಈ ಕೃತ್ಯ ನಡೆದಿದೆ ಎನ್ನಲಾಗಿದೆ. ಆರೋಪಿಯ ವಿರುದ್ಧ ಬಣಕಲ್ ಪೊಲೀಸ್ ಠಾಣೆಯಲ್ಲಿ ಪ್ರಕರಣ ದಾಖಲಾಗಿದ್ದು, ಬಂಧಿಸಲಾಗಿದೆ. ತನಿಖೆ ನಡೆಯುತ್ತಿದೆ.

ತೋಟಗಾರಿಕೆ ಇಲಾಖೆ
ತೋಟಗಾರಿಕೆ ಉಪ ನಿರ್ದೇಶಕರು, ಜಿಲ್ಲಾ ಪಂಚಾಯತ್, ಕೊಪ್ಪಳ ರಸ್ತೆ, ರಾಯಚೂರು
ಸಂಖ್ಯೆ: PO/COE/TA/TENDER/04/2025-26 ದಿನಾಂಕ: 02-02-2026
ಟೆಂಡರ್ ಪ್ರಕಟಣೆ – (2ನೇ ಕರೆ)
2025-26 ನೇ ಸಾಲಿನಲ್ಲಿ ಹನಿ ನೀರಾವರಿ (Drip Irrigation) ಹಾಗೂ ರಸಾವರಿ (Fertigation) ಘಟಕಗಳ ಅಳವಡಿಕೆಗೆ ಆಸಕ್ತ ಅರ್ಹ ಬಿಡ್‌ದಾರರಿಂದ ಇ-ಸಂಗ್ರಹಣಾ ವೇದಿಕೆಯ ಮೂಲಕ ಟೆಂಡರ್ ಆಹ್ವಾನಿಸಲಾಗಿದೆ. 1) ಟೆಂಡರ್ ಮೊತ್ತ: ರೂ. 25.00 ಲಕ್ಷಗಳು. 2) ಟೆಂಡರ್ ಡಾಕ್ಯುಮೆಂಟ್ ಪ್ರಕಟಿಸುವ ದಿನಾಂಕ: 03-02-2026. 3) ಬಿಡ್ ಸಲ್ಲಿಸಲು ಕೊನೆಯ ದಿನಾಂಕ: 10-02-2026 ಸಂಜೆ 5.30 ಗಂಟೆವರೆಗೆ. 4) ತಾಂತ್ರಿಕ ಬಿಡ್ ತೆರೆಯುವ ದಿನಾಂಕ: 12-02-2026. 5) ಇ.ಎಂ.ಡಿ ಮೊತ್ತ: ರೂ. 62,500/-. ಹೆಚ್ಚಿನ ಮಾಹಿತಿಗಾಗಿ ಕಚೇರಿ ವೇಳೆಯಲ್ಲಿ ಸಂಪರ್ಕಿಸಬಹುದು. ಫೋನ್ ಸಂಖ್ಯೆ: 9448999244.
https://kppp.karnataka.gov.in
ಸಹಿ/- ತೋಟಗಾರಿಕೆ ಉಪ ನಿರ್ದೇಶಕರು (ಜಿ.ಪಂ) ರಾಯಚೂರು
Edited, Printed and Published by B.T. Amuthan on behalf of M/s Karnataka News Publications (P) Ltd., Printed at No. 12-3-221 Rajendra Gunj (apmc) Near Old SBI Bank Building, Raichur-584102. RNI No. KARKAN/2008/26484 Postal Regd No. 52/2012-2014
